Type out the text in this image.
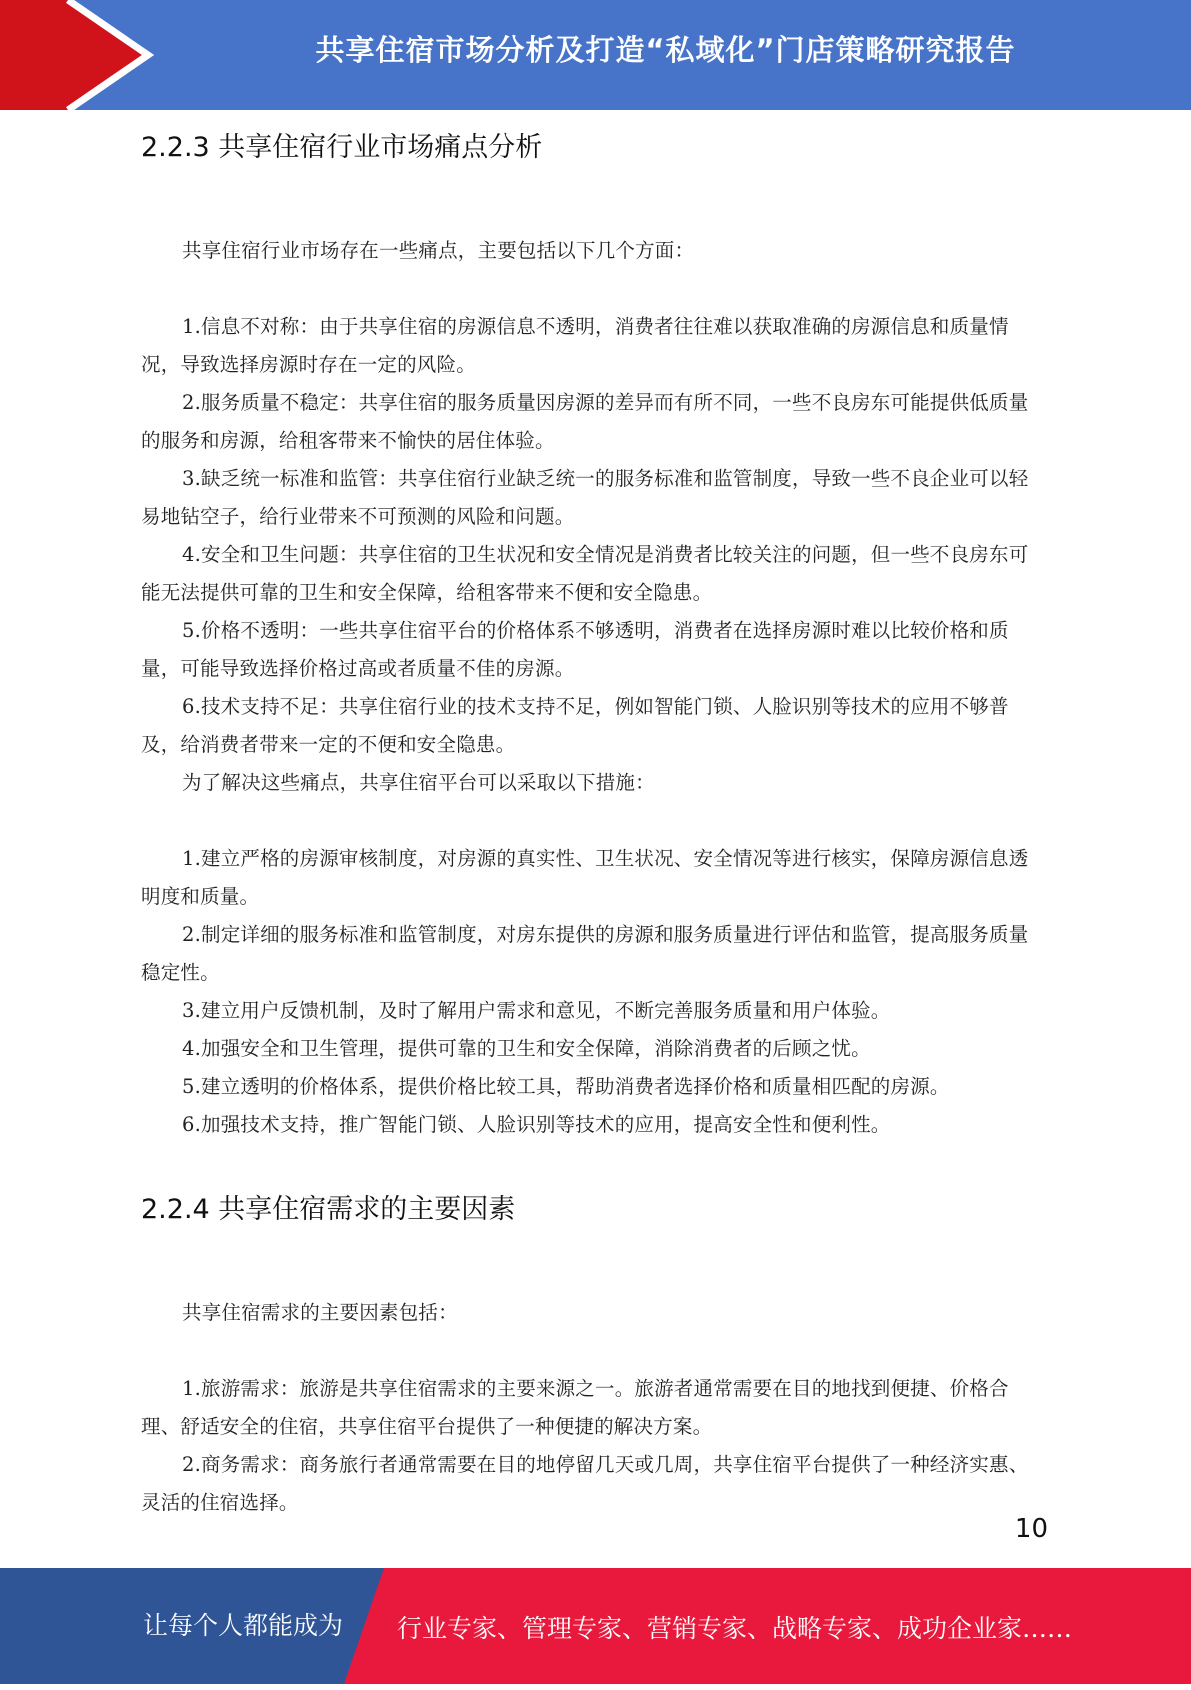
共享住宿市场分析及打造“私域化”门店策略研究报告
2.2.3 共享住宿行业市场痛点分析

共享住宿行业市场存在一些痛点，主要包括以下几个方面：

1.信息不对称：由于共享住宿的房源信息不透明，消费者往往难以获取准确的房源信息和质量情况，导致选择房源时存在一定的风险。

2.服务质量不稳定：共享住宿的服务质量因房源的差异而有所不同，一些不良房东可能提供低质量的服务和房源，给租客带来不愉快的居住体验。

3.缺乏统一标准和监管：共享住宿行业缺乏统一的服务标准和监管制度，导致一些不良企业可以轻易地钻空子，给行业带来不可预测的风险和问题。

4.安全和卫生问题：共享住宿的卫生状况和安全情况是消费者比较关注的问题，但一些不良房东可能无法提供可靠的卫生和安全保障，给租客带来不便和安全隐患。

5.价格不透明：一些共享住宿平台的价格体系不够透明，消费者在选择房源时难以比较价格和质量，可能导致选择价格过高或者质量不佳的房源。

6.技术支持不足：共享住宿行业的技术支持不足，例如智能门锁、人脸识别等技术的应用不够普及，给消费者带来一定的不便和安全隐患。

为了解决这些痛点，共享住宿平台可以采取以下措施：

1.建立严格的房源审核制度，对房源的真实性、卫生状况、安全情况等进行核实，保障房源信息透明度和质量。

2.制定详细的服务标准和监管制度，对房东提供的房源和服务质量进行评估和监管，提高服务质量稳定性。

3.建立用户反馈机制，及时了解用户需求和意见，不断完善服务质量和用户体验。

4.加强安全和卫生管理，提供可靠的卫生和安全保障，消除消费者的后顾之忧。

5.建立透明的价格体系，提供价格比较工具，帮助消费者选择价格和质量相匹配的房源。

6.加强技术支持，推广智能门锁、人脸识别等技术的应用，提高安全性和便利性。

2.2.4 共享住宿需求的主要因素

共享住宿需求的主要因素包括：

1.旅游需求：旅游是共享住宿需求的主要来源之一。旅游者通常需要在目的地找到便捷、价格合理、舒适安全的住宿，共享住宿平台提供了一种便捷的解决方案。

2.商务需求：商务旅行者通常需要在目的地停留几天或几周，共享住宿平台提供了一种经济实惠、灵活的住宿选择。

10
让每个人都能成为 行业专家、管理专家、营销专家、战略专家、成功企业家……
